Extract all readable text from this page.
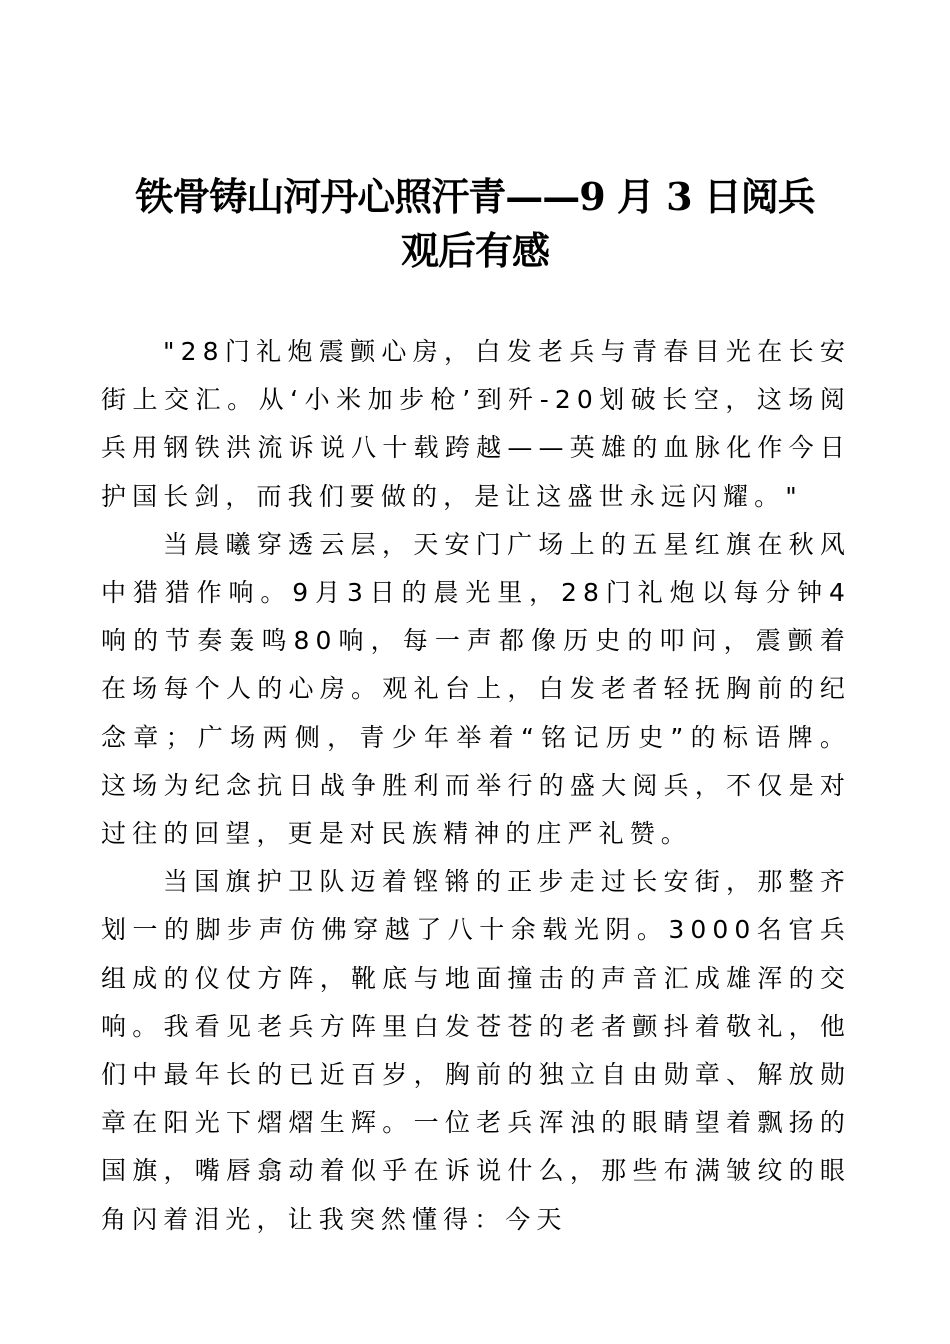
铁骨铸山河丹心照汗青——9 月 3 日阅兵
观后有感

"28门礼炮震颤心房，白发老兵与青春目光在长安街上交汇。从‘小米加步枪’到歼-20划破长空，这场阅兵用钢铁洪流诉说八十载跨越——英雄的血脉化作今日护国长剑，而我们要做的，是让这盛世永远闪耀。"

当晨曦穿透云层，天安门广场上的五星红旗在秋风中猎猎作响。9月3日的晨光里，28门礼炮以每分钟4响的节奏轰鸣80响，每一声都像历史的叩问，震颤着在场每个人的心房。观礼台上，白发老者轻抚胸前的纪念章；广场两侧，青少年举着“铭记历史”的标语牌。这场为纪念抗日战争胜利而举行的盛大阅兵，不仅是对过往的回望，更是对民族精神的庄严礼赞。

当国旗护卫队迈着铿锵的正步走过长安街，那整齐划一的脚步声仿佛穿越了八十余载光阴。3000名官兵组成的仪仗方阵，靴底与地面撞击的声音汇成雄浑的交响。我看见老兵方阵里白发苍苍的老者颤抖着敬礼，他们中最年长的已近百岁，胸前的独立自由勋章、解放勋章在阳光下熠熠生辉。一位老兵浑浊的眼睛望着飘扬的国旗，嘴唇翕动着似乎在诉说什么，那些布满皱纹的眼角闪着泪光，让我突然懂得：今天
